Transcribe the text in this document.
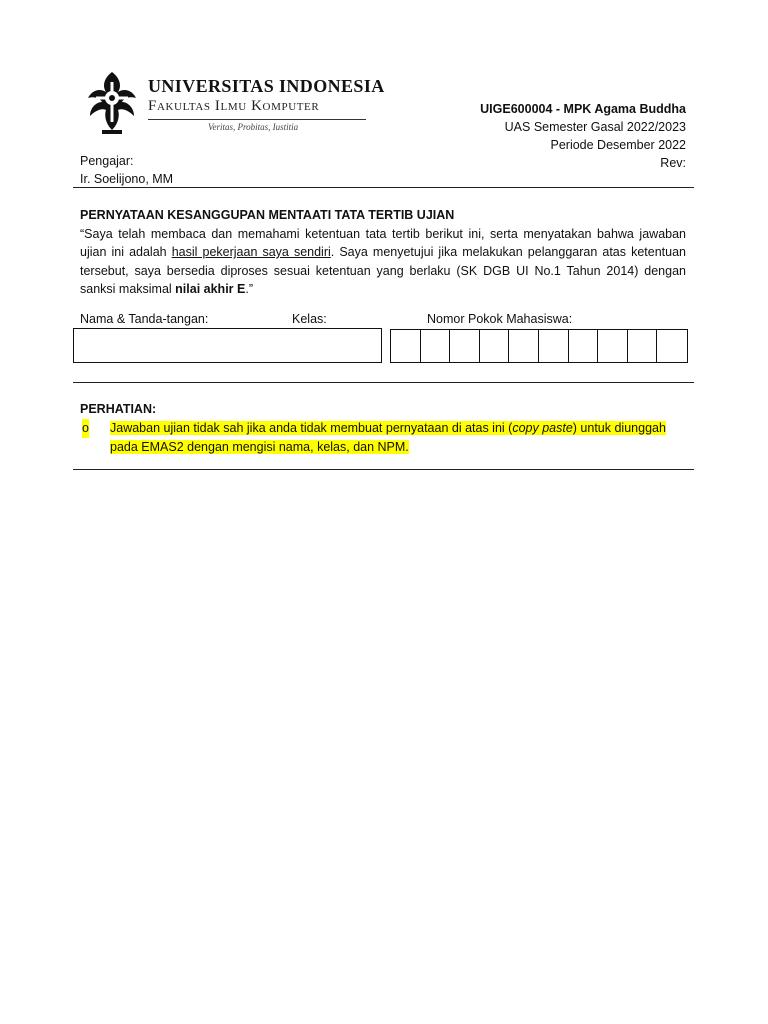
UNIVERSITAS INDONESIA
Fakultas Ilmu Komputer
Veritas, Probitas, Iustitia
UIGE600004 - MPK Agama Buddha
UAS Semester Gasal 2022/2023
Periode Desember 2022
Rev:
Pengajar:
Ir. Soelijono, MM
PERNYATAAN KESANGGUPAN MENTAATI TATA TERTIB UJIAN
“Saya telah membaca dan memahami ketentuan tata tertib berikut ini, serta menyatakan bahwa jawaban ujian ini adalah hasil pekerjaan saya sendiri. Saya menyetujui jika melakukan pelanggaran atas ketentuan tersebut, saya bersedia diproses sesuai ketentuan yang berlaku (SK DGB UI No.1 Tahun 2014) dengan sanksi maksimal nilai akhir E.”
Nama & Tanda-tangan:	Kelas:	Nomor Pokok Mahasiswa:
PERHATIAN:
o Jawaban ujian tidak sah jika anda tidak membuat pernyataan di atas ini (copy paste) untuk diunggah pada EMAS2 dengan mengisi nama, kelas, dan NPM.
